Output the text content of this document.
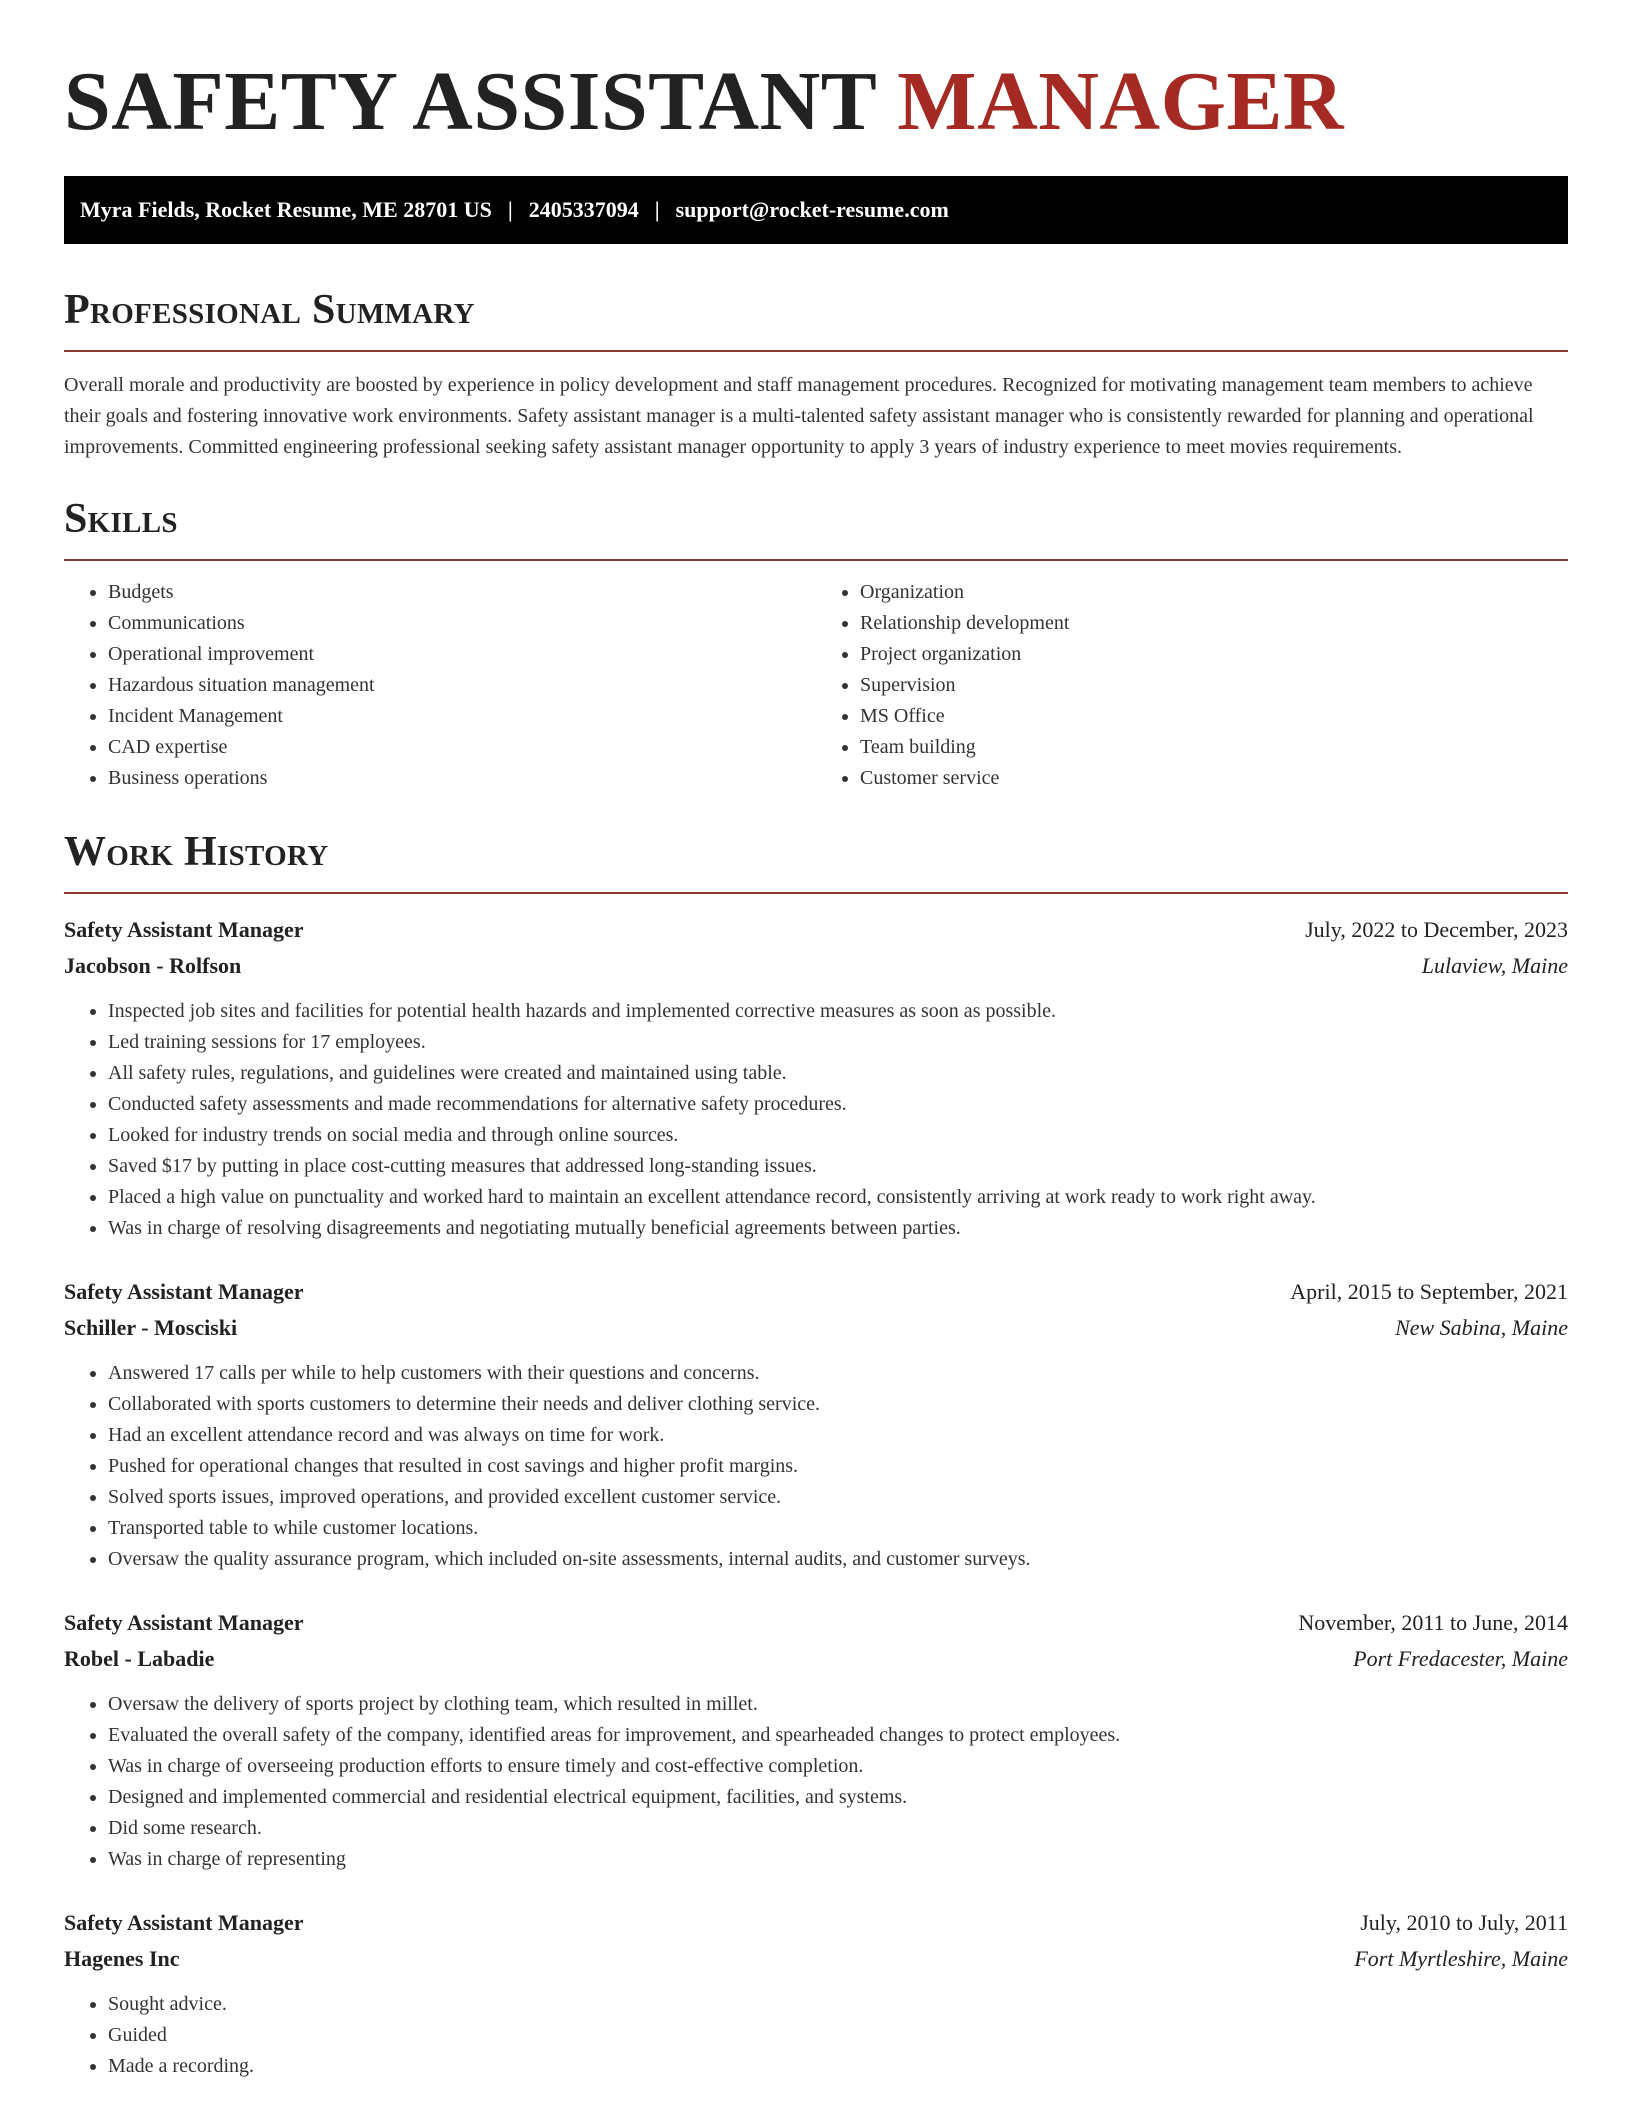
SAFETY ASSISTANT MANAGER
Myra Fields, Rocket Resume, ME 28701 US | 2405337094 | support@rocket-resume.com
Professional Summary

Overall morale and productivity are boosted by experience in policy development and staff management procedures. Recognized for motivating management team members to achieve their goals and fostering innovative work environments. Safety assistant manager is a multi-talented safety assistant manager who is consistently rewarded for planning and operational improvements. Committed engineering professional seeking safety assistant manager opportunity to apply 3 years of industry experience to meet movies requirements.

Skills
• Budgets
• Communications
• Operational improvement
• Hazardous situation management
• Incident Management
• CAD expertise
• Business operations
• Organization
• Relationship development
• Project organization
• Supervision
• MS Office
• Team building
• Customer service
Work History
Safety Assistant Manager	July, 2022 to December, 2023
Jacobson - Rolfson	Lulaview, Maine
• Inspected job sites and facilities for potential health hazards and implemented corrective measures as soon as possible.
• Led training sessions for 17 employees.
• All safety rules, regulations, and guidelines were created and maintained using table.
• Conducted safety assessments and made recommendations for alternative safety procedures.
• Looked for industry trends on social media and through online sources.
• Saved $17 by putting in place cost-cutting measures that addressed long-standing issues.
• Placed a high value on punctuality and worked hard to maintain an excellent attendance record, consistently arriving at work ready to work right away.
• Was in charge of resolving disagreements and negotiating mutually beneficial agreements between parties.
Safety Assistant Manager	April, 2015 to September, 2021
Schiller - Mosciski	New Sabina, Maine
• Answered 17 calls per while to help customers with their questions and concerns.
• Collaborated with sports customers to determine their needs and deliver clothing service.
• Had an excellent attendance record and was always on time for work.
• Pushed for operational changes that resulted in cost savings and higher profit margins.
• Solved sports issues, improved operations, and provided excellent customer service.
• Transported table to while customer locations.
• Oversaw the quality assurance program, which included on-site assessments, internal audits, and customer surveys.
Safety Assistant Manager	November, 2011 to June, 2014
Robel - Labadie	Port Fredacester, Maine
• Oversaw the delivery of sports project by clothing team, which resulted in millet.
• Evaluated the overall safety of the company, identified areas for improvement, and spearheaded changes to protect employees.
• Was in charge of overseeing production efforts to ensure timely and cost-effective completion.
• Designed and implemented commercial and residential electrical equipment, facilities, and systems.
• Did some research.
• Was in charge of representing
Safety Assistant Manager	July, 2010 to July, 2011
Hagenes Inc	Fort Myrtleshire, Maine
• Sought advice.
• Guided
• Made a recording.
